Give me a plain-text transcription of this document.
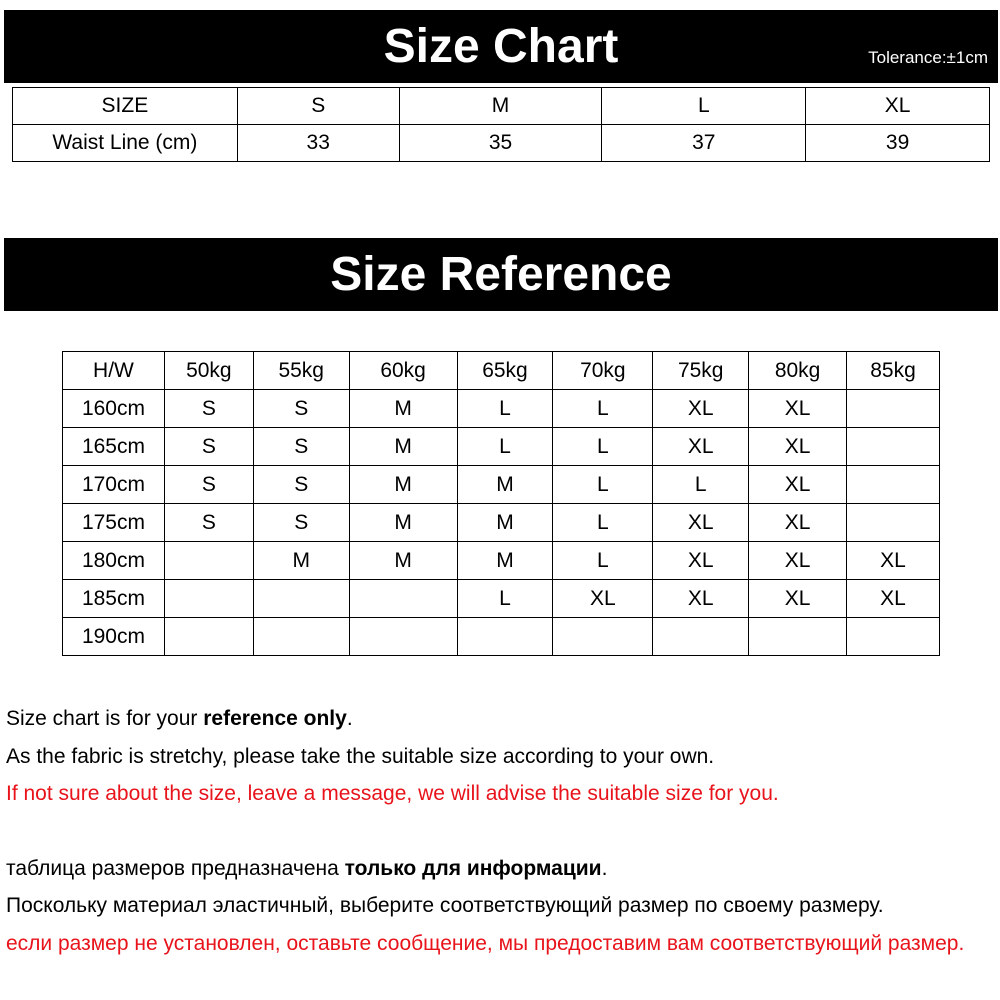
Size Chart	Tolerance:±1cm
SIZE	S	M	L	XL
Waist Line (cm)	33	35	37	39
Size Reference
H/W	50kg	55kg	60kg	65kg	70kg	75kg	80kg	85kg
160cm	S	S	M	L	L	XL	XL	
165cm	S	S	M	L	L	XL	XL	
170cm	S	S	M	M	L	L	XL	
175cm	S	S	M	M	L	XL	XL	
180cm		M	M	M	L	XL	XL	XL
185cm				L	XL	XL	XL	XL
190cm								

Size chart is for your reference only.

As the fabric is stretchy, please take the suitable size according to your own.

If not sure about the size, leave a message, we will advise the suitable size for you.

таблица размеров предназначена только для информации.

Поскольку материал эластичный, выберите соответствующий размер по своему размеру.

если размер не установлен, оставьте сообщение, мы предоставим вам соответствующий размер.
